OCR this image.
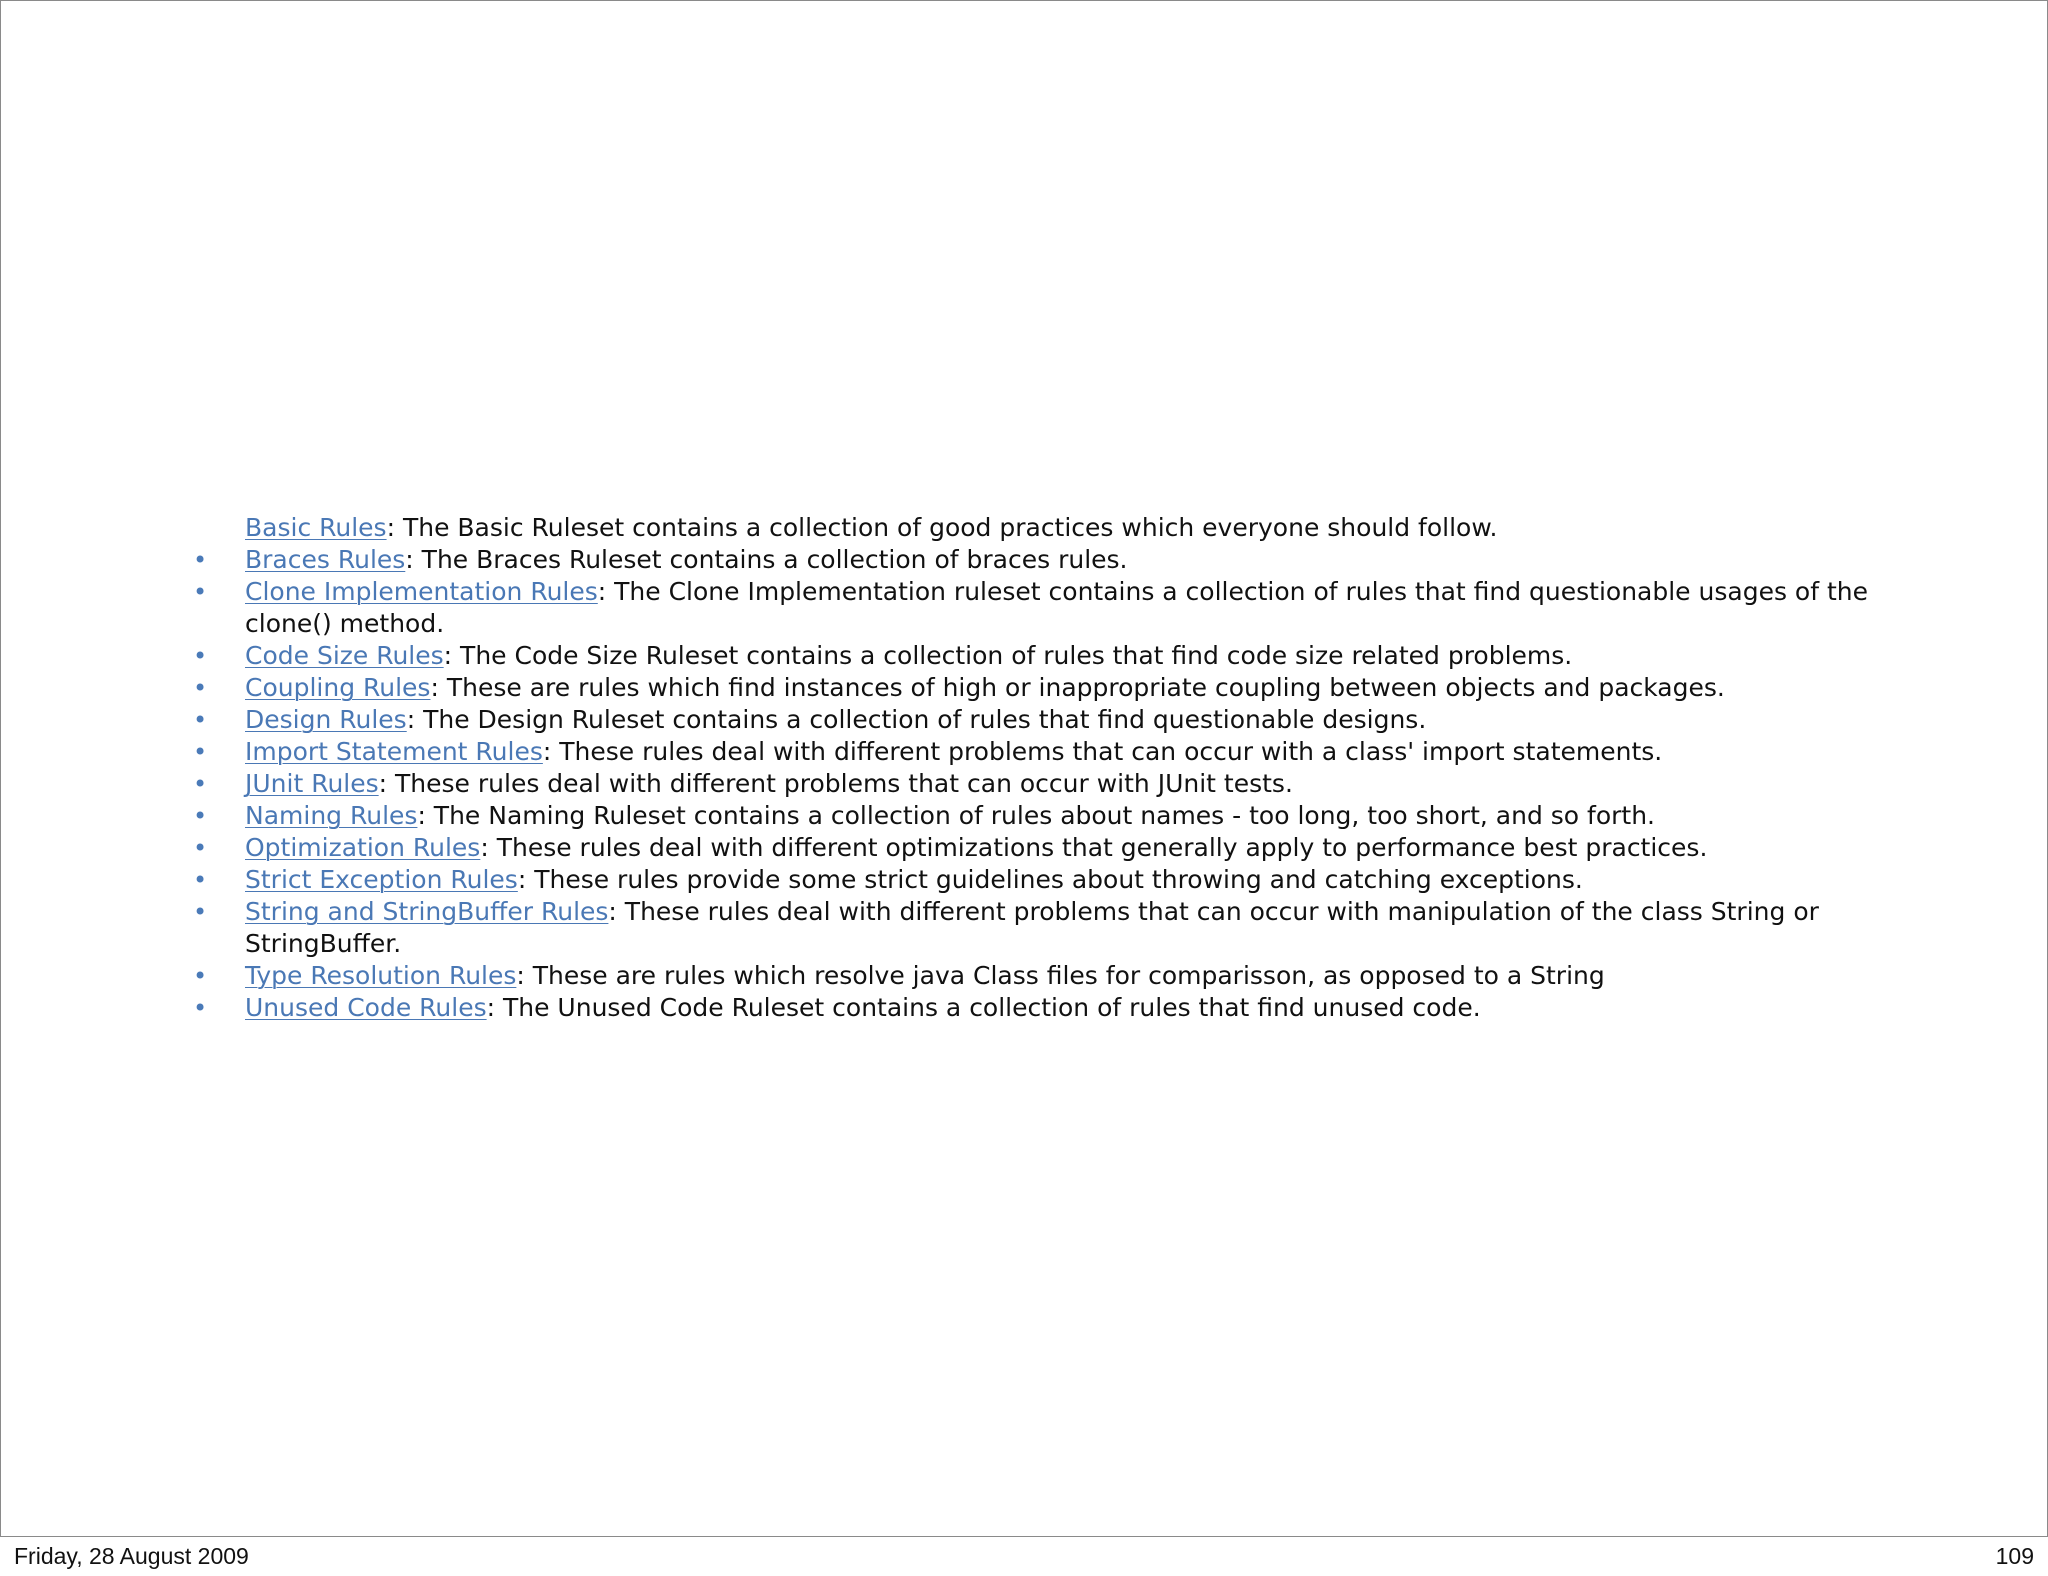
Basic Rules: The Basic Ruleset contains a collection of good practices which everyone should follow.
•	Braces Rules: The Braces Ruleset contains a collection of braces rules.
•	Clone Implementation Rules: The Clone Implementation ruleset contains a collection of rules that find questionable usages of the clone() method.
•	Code Size Rules: The Code Size Ruleset contains a collection of rules that find code size related problems.
•	Coupling Rules: These are rules which find instances of high or inappropriate coupling between objects and packages.
•	Design Rules: The Design Ruleset contains a collection of rules that find questionable designs.
•	Import Statement Rules: These rules deal with different problems that can occur with a class' import statements.
•	JUnit Rules: These rules deal with different problems that can occur with JUnit tests.
•	Naming Rules: The Naming Ruleset contains a collection of rules about names - too long, too short, and so forth.
•	Optimization Rules: These rules deal with different optimizations that generally apply to performance best practices.
•	Strict Exception Rules: These rules provide some strict guidelines about throwing and catching exceptions.
•	String and StringBuffer Rules: These rules deal with different problems that can occur with manipulation of the class String or StringBuffer.
•	Type Resolution Rules: These are rules which resolve java Class files for comparisson, as opposed to a String
•	Unused Code Rules: The Unused Code Ruleset contains a collection of rules that find unused code.
Friday, 28 August 2009	109
